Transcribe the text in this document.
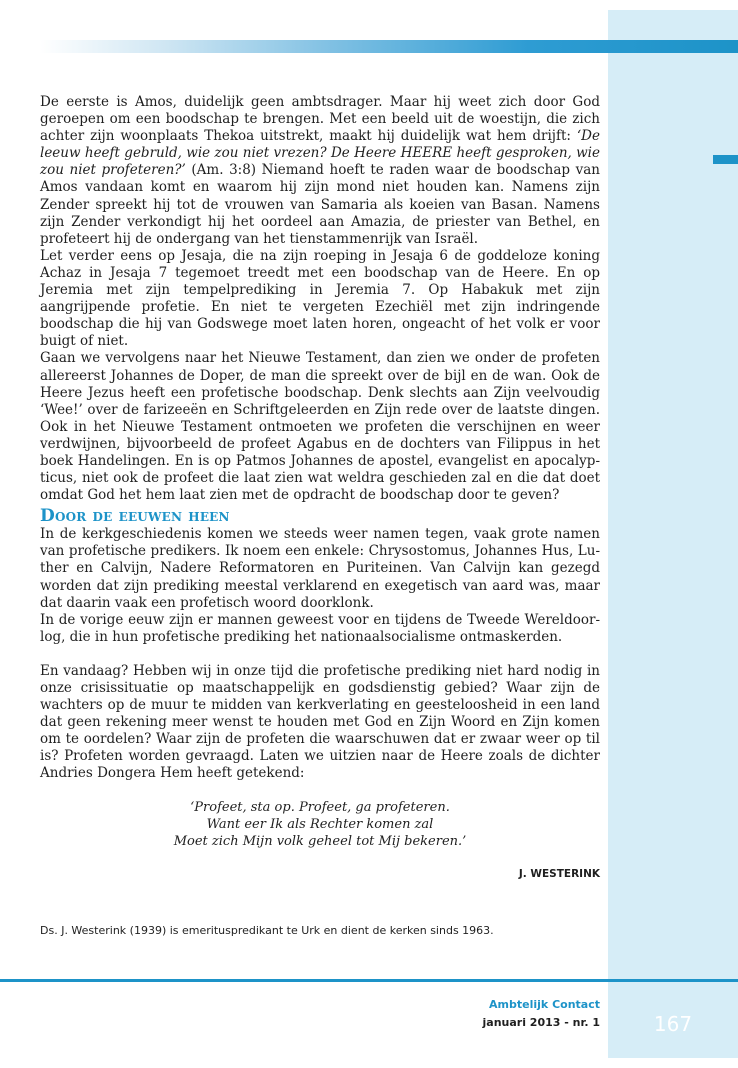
De eerste is Amos, duidelijk geen ambtsdrager. Maar hij weet zich door God geroepen om een boodschap te brengen. Met een beeld uit de woestijn, die zich achter zijn woonplaats Thekoa uitstrekt, maakt hij duidelijk wat hem drijft: ‘De leeuw heeft gebruld, wie zou niet vrezen? De Heere HEERE heeft gesproken, wie zou niet profeteren?’ (Am. 3:8) Niemand hoeft te raden waar de boodschap van Amos vandaan komt en waarom hij zijn mond niet houden kan. Namens zijn Zender spreekt hij tot de vrouwen van Samaria als koeien van Basan. Namens zijn Zender verkondigt hij het oordeel aan Amazia, de priester van Bethel, en profeteert hij de ondergang van het tienstammenrijk van Israël.

Let verder eens op Jesaja, die na zijn roeping in Jesaja 6 de goddeloze koning Achaz in Jesaja 7 tegemoet treedt met een boodschap van de Heere. En op Jeremia met zijn tempelprediking in Jeremia 7. Op Habakuk met zijn aangrijpende profetie. En niet te vergeten Ezechiël met zijn indringende boodschap die hij van Godswege moet laten horen, ongeacht of het volk er voor buigt of niet.

Gaan we vervolgens naar het Nieuwe Testament, dan zien we onder de profeten allereerst Johannes de Doper, de man die spreekt over de bijl en de wan. Ook de Heere Jezus heeft een profetische boodschap. Denk slechts aan Zijn veelvoudig ‘Wee!’ over de farizeeën en Schriftgeleerden en Zijn rede over de laatste dingen. Ook in het Nieuwe Testament ontmoeten we profeten die verschijnen en weer verdwijnen, bijvoorbeeld de profeet Agabus en de dochters van Filippus in het boek Handelingen. En is op Patmos Johannes de apostel, evangelist en apocalypticus, niet ook de profeet die laat zien wat weldra geschieden zal en die dat doet omdat God het hem laat zien met de opdracht de boodschap door te geven?

Door de eeuwen heen

In de kerkgeschiedenis komen we steeds weer namen tegen, vaak grote namen van profetische predikers. Ik noem een enkele: Chrysostomus, Johannes Hus, Luther en Calvijn, Nadere Reformatoren en Puriteinen. Van Calvijn kan gezegd worden dat zijn prediking meestal verklarend en exegetisch van aard was, maar dat daarin vaak een profetisch woord doorklonk.

In de vorige eeuw zijn er mannen geweest voor en tijdens de Tweede Wereldoorlog, die in hun profetische prediking het nationaalsocialisme ontmaskerden.

En vandaag? Hebben wij in onze tijd die profetische prediking niet hard nodig in onze crisissituatie op maatschappelijk en godsdienstig gebied? Waar zijn de wachters op de muur te midden van kerkverlating en geesteloosheid in een land dat geen rekening meer wenst te houden met God en Zijn Woord en Zijn komen om te oordelen? Waar zijn de profeten die waarschuwen dat er zwaar weer op til is? Profeten worden gevraagd. Laten we uitzien naar de Heere zoals de dichter Andries Dongera Hem heeft getekend:

‘Profeet, sta op. Profeet, ga profeteren.
Want eer Ik als Rechter komen zal
Moet zich Mijn volk geheel tot Mij bekeren.’
J. WESTERINK
Ds. J. Westerink (1939) is emerituspredikant te Urk en dient de kerken sinds 1963.
Ambtelijk Contact
januari 2013 - nr. 1	167
